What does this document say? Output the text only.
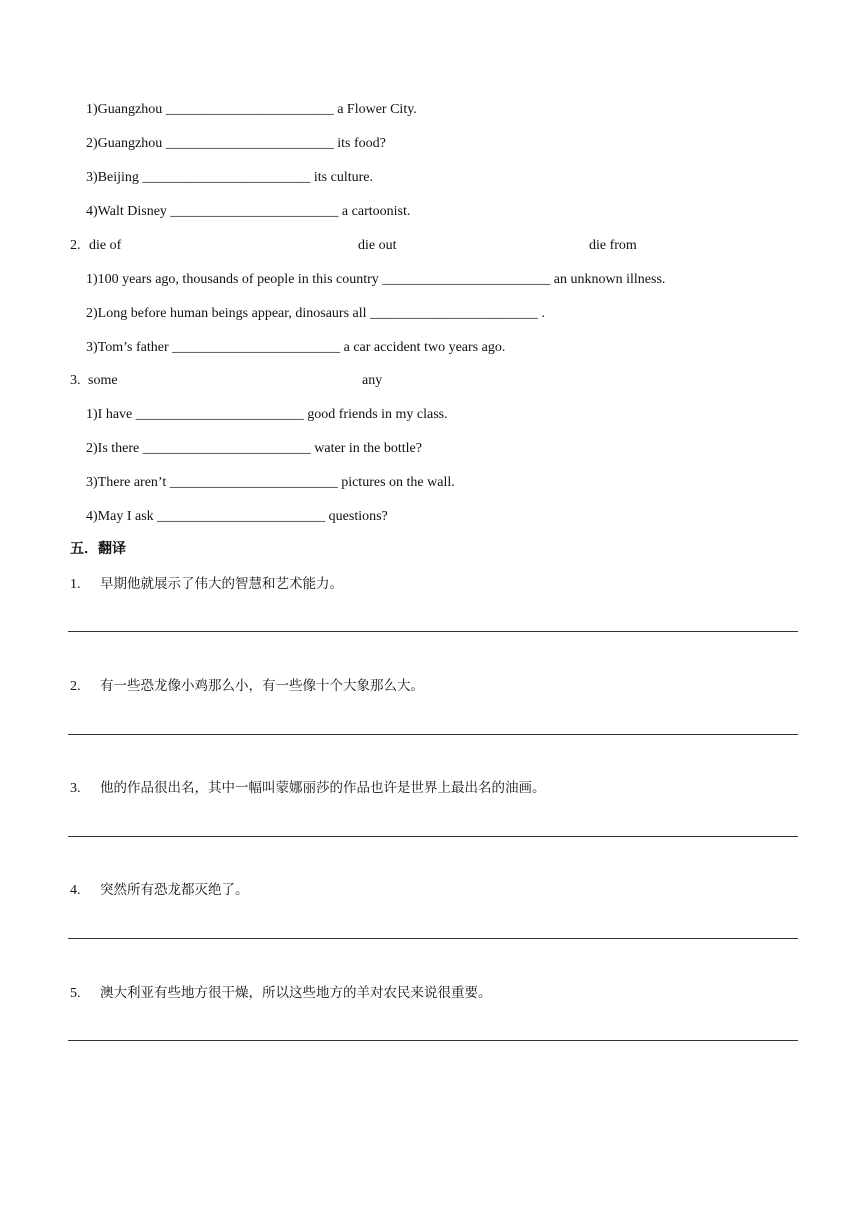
1)Guangzhou ________________________ a Flower City.
2)Guangzhou ________________________ its food?
3)Beijing ________________________ its culture.
4)Walt Disney ________________________ a cartoonist.
2. die of	die out	die from
1)100 years ago, thousands of people in this country ________________________ an unknown illness.
2)Long before human beings appear, dinosaurs all ________________________ .
3)Tom’s father ________________________ a car accident two years ago.
3. some	any
1)I have ________________________ good friends in my class.
2)Is there ________________________ water in the bottle?
3)There aren’t ________________________ pictures on the wall.
4)May I ask ________________________ questions?
五．翻译
1. 早期他就展示了伟大的智慧和艺术能力。
2. 有一些恐龙像小鸡那么小，有一些像十个大象那么大。
3. 他的作品很出名，其中一幅叫蒙娜丽莎的作品也许是世界上最出名的油画。
4. 突然所有恐龙都灭绝了。
5. 澳大利亚有些地方很干燥，所以这些地方的羊对农民来说很重要。
